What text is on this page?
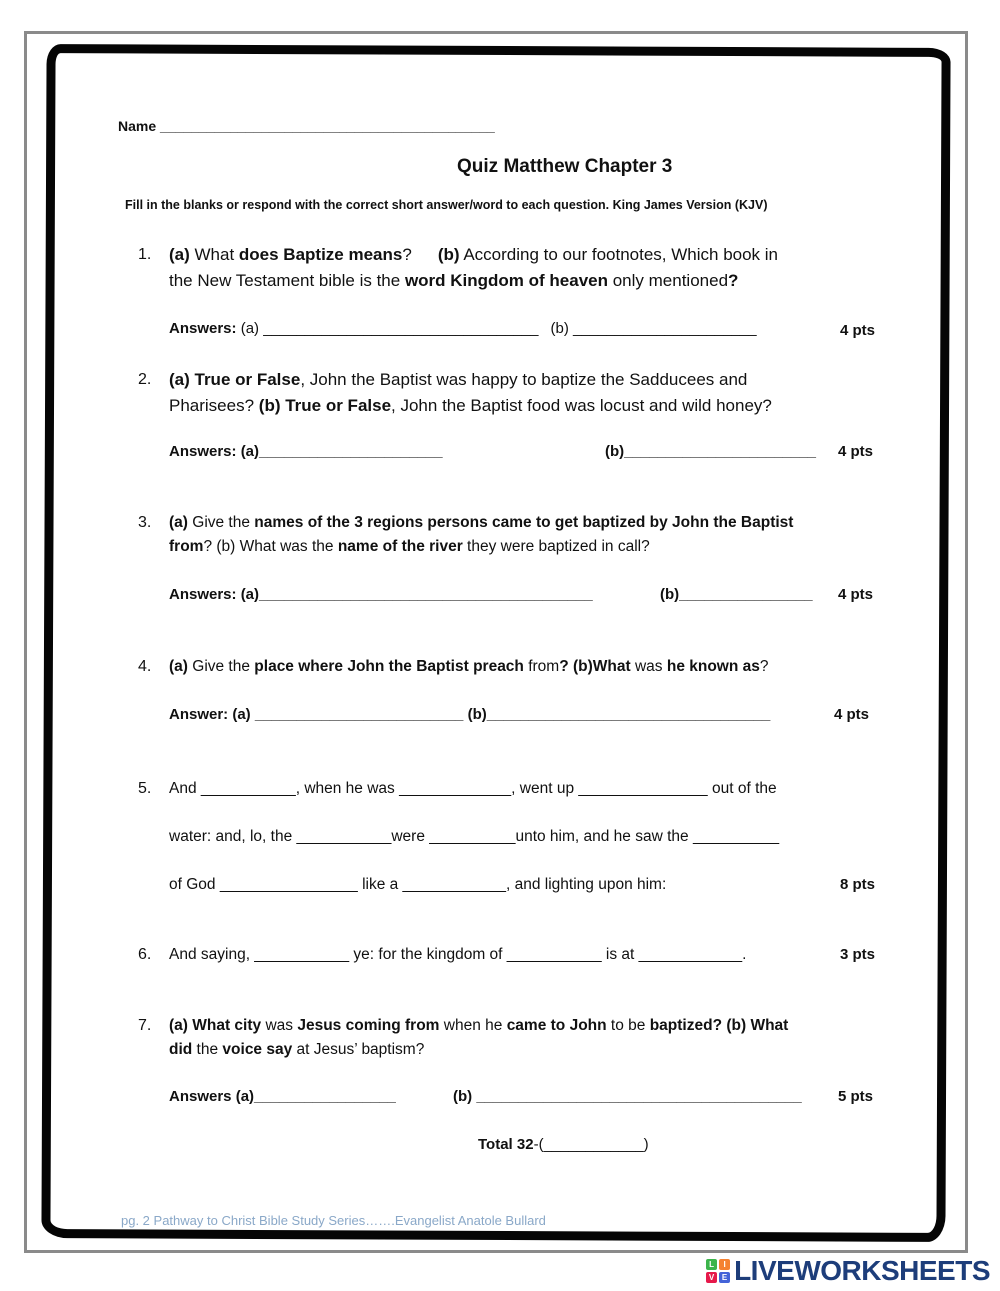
Name ___________________________________________
Quiz Matthew Chapter 3
Fill in the blanks or respond with the correct short answer/word to each question. King James Version (KJV)
1. (a) What does Baptize means? (b) According to our footnotes, Which book in
the New Testament bible is the word Kingdom of heaven only mentioned?
Answers: (a) _________________________________ (b) ______________________	4 pts
2. (a) True or False, John the Baptist was happy to baptize the Sadducees and
Pharisees? (b) True or False, John the Baptist food was locust and wild honey?
Answers: (a)______________________	(b)_______________________ 4 pts
3. (a) Give the names of the 3 regions persons came to get baptized by John the Baptist
from? (b) What was the name of the river they were baptized in call?
Answers: (a)________________________________________	(b)________________ 4 pts
4. (a) Give the place where John the Baptist preach from? (b)What was he known as?
Answer: (a) _________________________ (b)__________________________________	4 pts
5. And ___________, when he was _____________, went up _______________ out of the
water: and, lo, the ___________were __________unto him, and he saw the __________
of God ________________ like a ____________, and lighting upon him:	8 pts
6. And saying, ___________ ye: for the kingdom of ___________ is at ____________.	3 pts
7. (a) What city was Jesus coming from when he came to John to be baptized? (b) What
did the voice say at Jesus’ baptism?
Answers (a)_________________	(b) _______________________________________ 5 pts
Total 32-(____________)
pg. 2 Pathway to Christ Bible Study Series…….Evangelist Anatole Bullard
L	I
V E LIVEWORKSHEETS
